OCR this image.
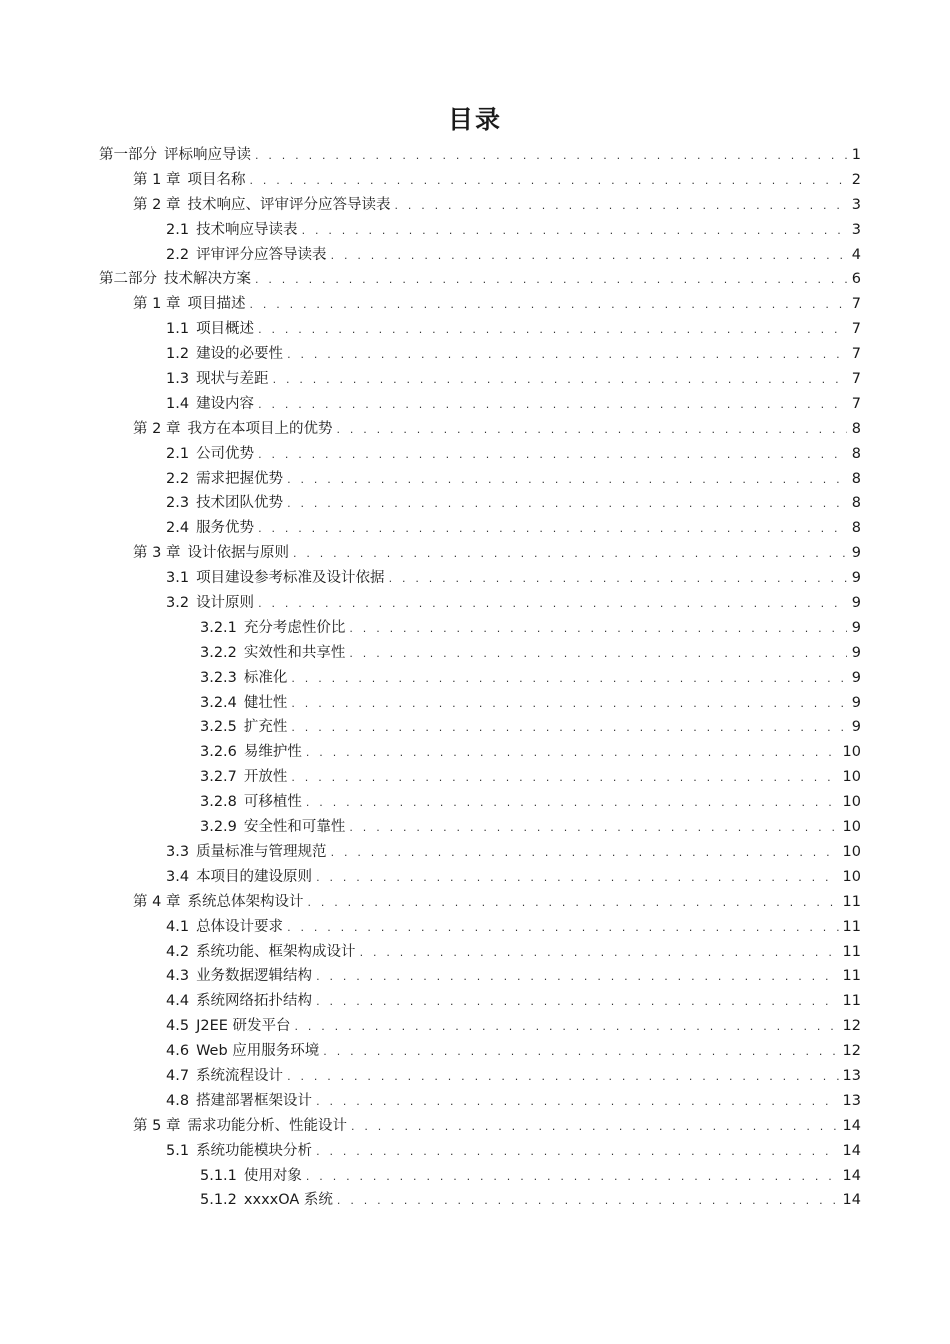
目录
第一部分 评标响应导读 . . .	1
第 1 章 项目名称 . . .	2
第 2 章 技术响应、评审评分应答导读表 . . .	3
2.1 技术响应导读表 . . .	3
2.2 评审评分应答导读表 . . .	4
第二部分 技术解决方案 . . .	6
第 1 章 项目描述 . . .	7
1.1 项目概述 . . .	7
1.2 建设的必要性 . . .	7
1.3 现状与差距 . . .	7
1.4 建设内容 . . .	7
第 2 章 我方在本项目上的优势 . . .	8
2.1 公司优势 . . .	8
2.2 需求把握优势 . . .	8
2.3 技术团队优势 . . .	8
2.4 服务优势 . . .	8
第 3 章 设计依据与原则 . . .	9
3.1 项目建设参考标准及设计依据 . . .	9
3.2 设计原则 . . .	9
3.2.1 充分考虑性价比 . . .	9
3.2.2 实效性和共享性 . . .	9
3.2.3 标准化 . . .	9
3.2.4 健壮性 . . .	9
3.2.5 扩充性 . . .	9
3.2.6 易维护性 . . .	10
3.2.7 开放性 . . .	10
3.2.8 可移植性 . . .	10
3.2.9 安全性和可靠性 . . .	10
3.3 质量标准与管理规范 . . .	10
3.4 本项目的建设原则 . . .	10
第 4 章 系统总体架构设计 . . .	11
4.1 总体设计要求 . . .	11
4.2 系统功能、框架构成设计 . . .	11
4.3 业务数据逻辑结构 . . .	11
4.4 系统网络拓扑结构 . . .	11
4.5 J2EE 研发平台 . . .	12
4.6 Web 应用服务环境 . . .	12
4.7 系统流程设计 . . .	13
4.8 搭建部署框架设计 . . .	13
第 5 章 需求功能分析、性能设计 . . .	14
5.1 系统功能模块分析 . . .	14
5.1.1 使用对象 . . .	14
5.1.2 xxxxOA 系统 . . .	14
